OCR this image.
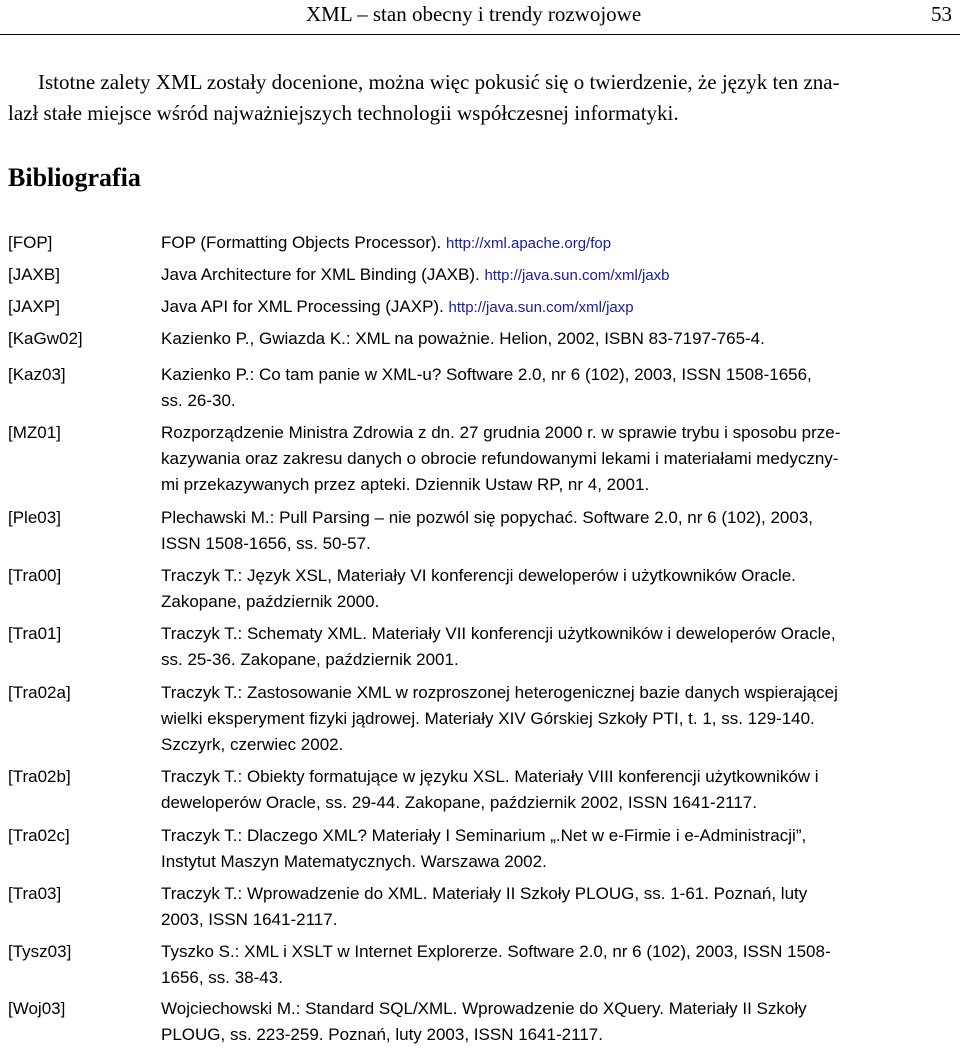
XML – stan obecny i trendy rozwojowe	53
Istotne zalety XML zostały docenione, można więc pokusić się o twierdzenie, że język ten zna-
lazł stałe miejsce wśród najważniejszych technologii współczesnej informatyki.
Bibliografia
[FOP]	FOP (Formatting Objects Processor). http://xml.apache.org/fop
[JAXB]	Java Architecture for XML Binding (JAXB). http://java.sun.com/xml/jaxb
[JAXP]	Java API for XML Processing (JAXP). http://java.sun.com/xml/jaxp
[KaGw02]	Kazienko P., Gwiazda K.: XML na poważnie. Helion, 2002, ISBN 83-7197-765-4.
[Kaz03]	Kazienko P.: Co tam panie w XML-u? Software 2.0, nr 6 (102), 2003, ISSN 1508-1656,
ss. 26-30.
[MZ01]	Rozporządzenie Ministra Zdrowia z dn. 27 grudnia 2000 r. w sprawie trybu i sposobu prze-
kazywania oraz zakresu danych o obrocie refundowanymi lekami i materiałami medyczny-
mi przekazywanych przez apteki. Dziennik Ustaw RP, nr 4, 2001.
[Ple03]	Plechawski M.: Pull Parsing – nie pozwól się popychać. Software 2.0, nr 6 (102), 2003,
ISSN 1508-1656, ss. 50-57.
[Tra00]	Traczyk T.: Język XSL, Materiały VI konferencji deweloperów i użytkowników Oracle.
Zakopane, październik 2000.
[Tra01]	Traczyk T.: Schematy XML. Materiały VII konferencji użytkowników i deweloperów Oracle,
ss. 25-36. Zakopane, październik 2001.
[Tra02a]	Traczyk T.: Zastosowanie XML w rozproszonej heterogenicznej bazie danych wspierającej
wielki eksperyment fizyki jądrowej. Materiały XIV Górskiej Szkoły PTI, t. 1, ss. 129-140.
Szczyrk, czerwiec 2002.
[Tra02b]	Traczyk T.: Obiekty formatujące w języku XSL. Materiały VIII konferencji użytkowników i
deweloperów Oracle, ss. 29-44. Zakopane, październik 2002, ISSN 1641-2117.
[Tra02c]	Traczyk T.: Dlaczego XML? Materiały I Seminarium „.Net w e-Firmie i e-Administracji”,
Instytut Maszyn Matematycznych. Warszawa 2002.
[Tra03]	Traczyk T.: Wprowadzenie do XML. Materiały II Szkoły PLOUG, ss. 1-61. Poznań, luty
2003, ISSN 1641-2117.
[Tysz03]	Tyszko S.: XML i XSLT w Internet Explorerze. Software 2.0, nr 6 (102), 2003, ISSN 1508-
1656, ss. 38-43.
[Woj03]	Wojciechowski M.: Standard SQL/XML. Wprowadzenie do XQuery. Materiały II Szkoły
PLOUG, ss. 223-259. Poznań, luty 2003, ISSN 1641-2117.
